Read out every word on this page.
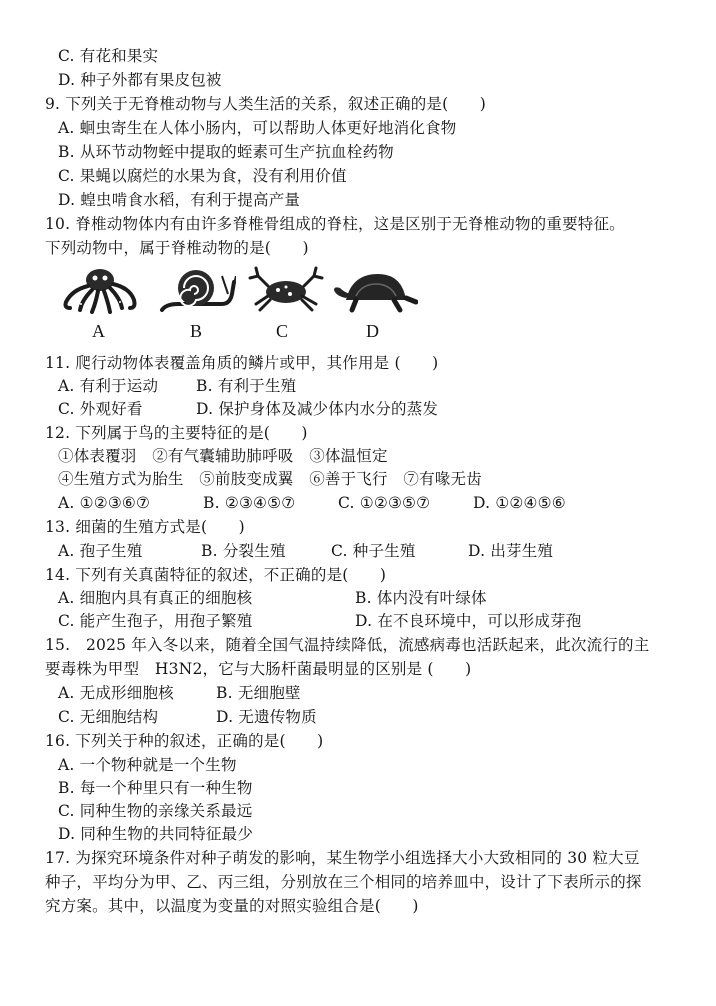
C. 有花和果实
D. 种子外都有果皮包被
9. 下列关于无脊椎动物与人类生活的关系，叙述正确的是(　　)
A. 蛔虫寄生在人体小肠内，可以帮助人体更好地消化食物
B. 从环节动物蛭中提取的蛭素可生产抗血栓药物
C. 果蝇以腐烂的水果为食，没有利用价值
D. 蝗虫啃食水稻，有利于提高产量
10. 脊椎动物体内有由许多脊椎骨组成的脊柱，这是区别于无脊椎动物的重要特征。
下列动物中，属于脊椎动物的是(　　)
A	B	C	D
11. 爬行动物体表覆盖角质的鳞片或甲，其作用是 (　　)
A. 有利于运动 B. 有利于生殖
C. 外观好看	D. 保护身体及减少体内水分的蒸发
12. 下列属于鸟的主要特征的是(　　)
①体表覆羽　②有气囊辅助肺呼吸　③体温恒定
④生殖方式为胎生　⑤前肢变成翼　⑥善于飞行　⑦有喙无齿
A. ①②③⑥⑦	B. ②③④⑤⑦	C. ①②③⑤⑦	D. ①②④⑤⑥
13. 细菌的生殖方式是(　　)
A. 孢子生殖	B. 分裂生殖	C. 种子生殖	D. 出芽生殖
14. 下列有关真菌特征的叙述，不正确的是(　　)
A. 细胞内具有真正的细胞核	B. 体内没有叶绿体
C. 能产生孢子，用孢子繁殖	D. 在不良环境中，可以形成芽孢
15.　2025 年入冬以来，随着全国气温持续降低，流感病毒也活跃起来，此次流行的主
要毒株为甲型　H3N2，它与大肠杆菌最明显的区别是 (　　)
A. 无成形细胞核	B. 无细胞壁
C. 无细胞结构	D. 无遗传物质
16. 下列关于种的叙述，正确的是(　　)
A. 一个物种就是一个生物
B. 每一个种里只有一种生物
C. 同种生物的亲缘关系最远
D. 同种生物的共同特征最少
17. 为探究环境条件对种子萌发的影响，某生物学小组选择大小大致相同的 30 粒大豆
种子，平均分为甲、乙、丙三组，分别放在三个相同的培养皿中，设计了下表所示的探
究方案。其中，以温度为变量的对照实验组合是(　　)
